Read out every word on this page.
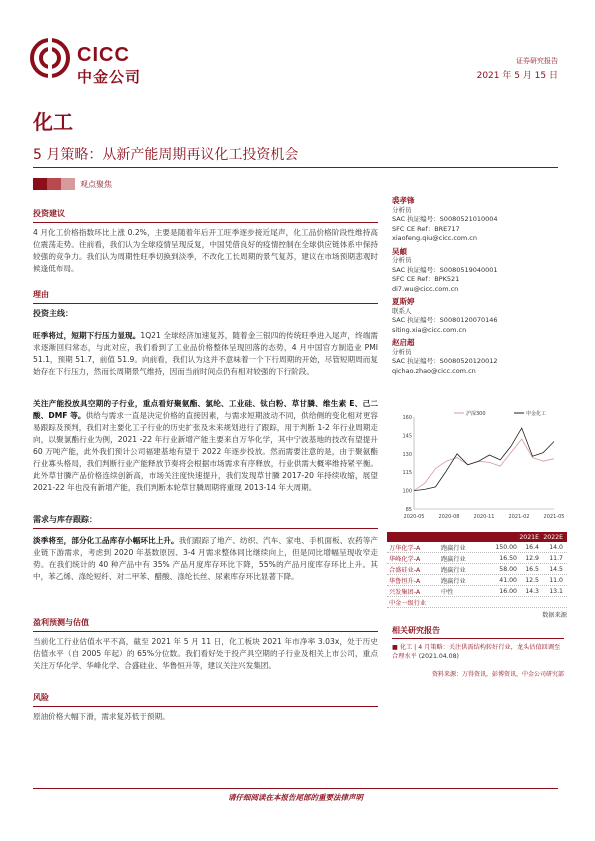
CICC
中金公司
证券研究报告
2021 年 5 月 15 日
化工
5 月策略：从新产能周期再议化工投资机会
观点聚焦
投资建议
4 月化工价格指数环比上涨 0.2%，主要是随着年后开工旺季逐步接近尾声，化工品价格阶段性维持高位震荡走势。往前看，我们认为全球疫情呈现反复，中国凭借良好的疫情控制在全球供应链体系中保持较强的竞争力。我们认为周期性旺季切换到淡季，不改化工长周期的景气复苏，建议在市场预期悲观时候逢低布局。
理由
投资主线：
旺季将过，短期下行压力显现。1Q21 全球经济加速复苏，随着金三银四的传统旺季进入尾声，终端需求逐渐回归常态，与此对应，我们看到了工业品价格整体呈现回落的态势，4 月中国官方制造业 PMI 51.1，预期 51.7，前值 51.9。向前看，我们认为这并不意味着一个下行周期的开始，尽管短期周而复始存在下行压力，然而长周期景气维持，因而当前时间点仍有相对较强的下行阶段。
关注产能投放具空期的子行业，重点看好聚氨酯、氯纶、工业硅、钛白粉、草甘膦、维生素 E、己二酸、DMF 等。供给与需求一直是决定价格的直接因素，与需求短期波动不同，供给侧的变化相对更容易跟踪及预判，我们对主要化工子行业的历史扩张及未来规划进行了跟踪，用于判断 1-2 年行业周期走向，以聚氯酯行业为例，2021 -22 年行业新增产能主要来自万华化学，其中宁波基地的技改有望提升 60 万吨产能，此外我们预计公司福建基地有望于 2022 年逐步投放。然而需要注意的是，由于聚氨酯行业寡头格局，我们判断行业产能释放节奏将会根据市场需求有序释放，行业供需大概率维持紧平衡。此外草甘膦产品价格连续创新高，市场关注度快速提升，我们发现草甘膦 2017-20 年持续收缩，展望 2021-22 年也没有新增产能，我们判断本轮草甘膦周期将重现 2013-14 年大周期。
需求与库存跟踪：
淡季将至，部分化工品库存小幅环比上升。我们跟踪了地产、纺织、汽车、家电、手机面板、农药等产业链下游需求，考虑到 2020 年基数原因、3-4 月需求整体同比继续向上，但是同比增幅呈现收窄走势。在我们统计的 40 种产品中有 35% 产品月度库存环比下降，55%的产品月度库存环比上升。其中，苯乙烯、涤纶短纤、对二甲苯、醋酸、涤纶长丝、尿素库存环比显著下降。
盈利预测与估值
当前化工行业估值水平不高，截至 2021 年 5 月 11 日，化工板块 2021 年市净率 3.03x，处于历史估值水平（自 2005 年起）的 65%分位数。我们看好处于投产具空期的子行业及相关上市公司，重点关注万华化学、华峰化学、合盛硅业、华鲁恒升等，建议关注兴发集团。
风险
原油价格大幅下滑，需求复苏低于预期。
裘孝锋
分析员
SAC 执证编号：S0080521010004
SFC CE Ref：BRE717
xiaofeng.qiu@cicc.com.cn
吴頔
分析员
SAC 执证编号：S0080519040001
SFC CE Ref：BPK521
di7.wu@cicc.com.cn
夏斯婷
联系人
SAC 执证编号：S0080120070146
siting.xia@cicc.com.cn
赵启超
分析员
SAC 执证编号：S0080520120012
qichao.zhao@cicc.com.cn
85
100
115
130
145
160
2020-05	2020-08	2020-11	2021-02	2021-05
沪深300	申金化工
2021E 2022E
万华化学-A	跑赢行业	150.00	16.4	14.0
华峰化学-A	跑赢行业	16.50	12.9	11.7
合盛硅业-A	跑赢行业	58.00	16.5	14.5
华鲁恒升-A	跑赢行业	41.00	12.5	11.0
兴发集团-A	中性	16.00	14.3	13.1
中金一级行业
数据来源
相关研究报告
■ 化工 | 4 月策略：关注供需结构转好行业，龙头估值回调至合理水平 (2021.04.08)
资料来源：万得资讯，彭博资讯，中金公司研究部
请仔细阅读在本报告尾部的重要法律声明
